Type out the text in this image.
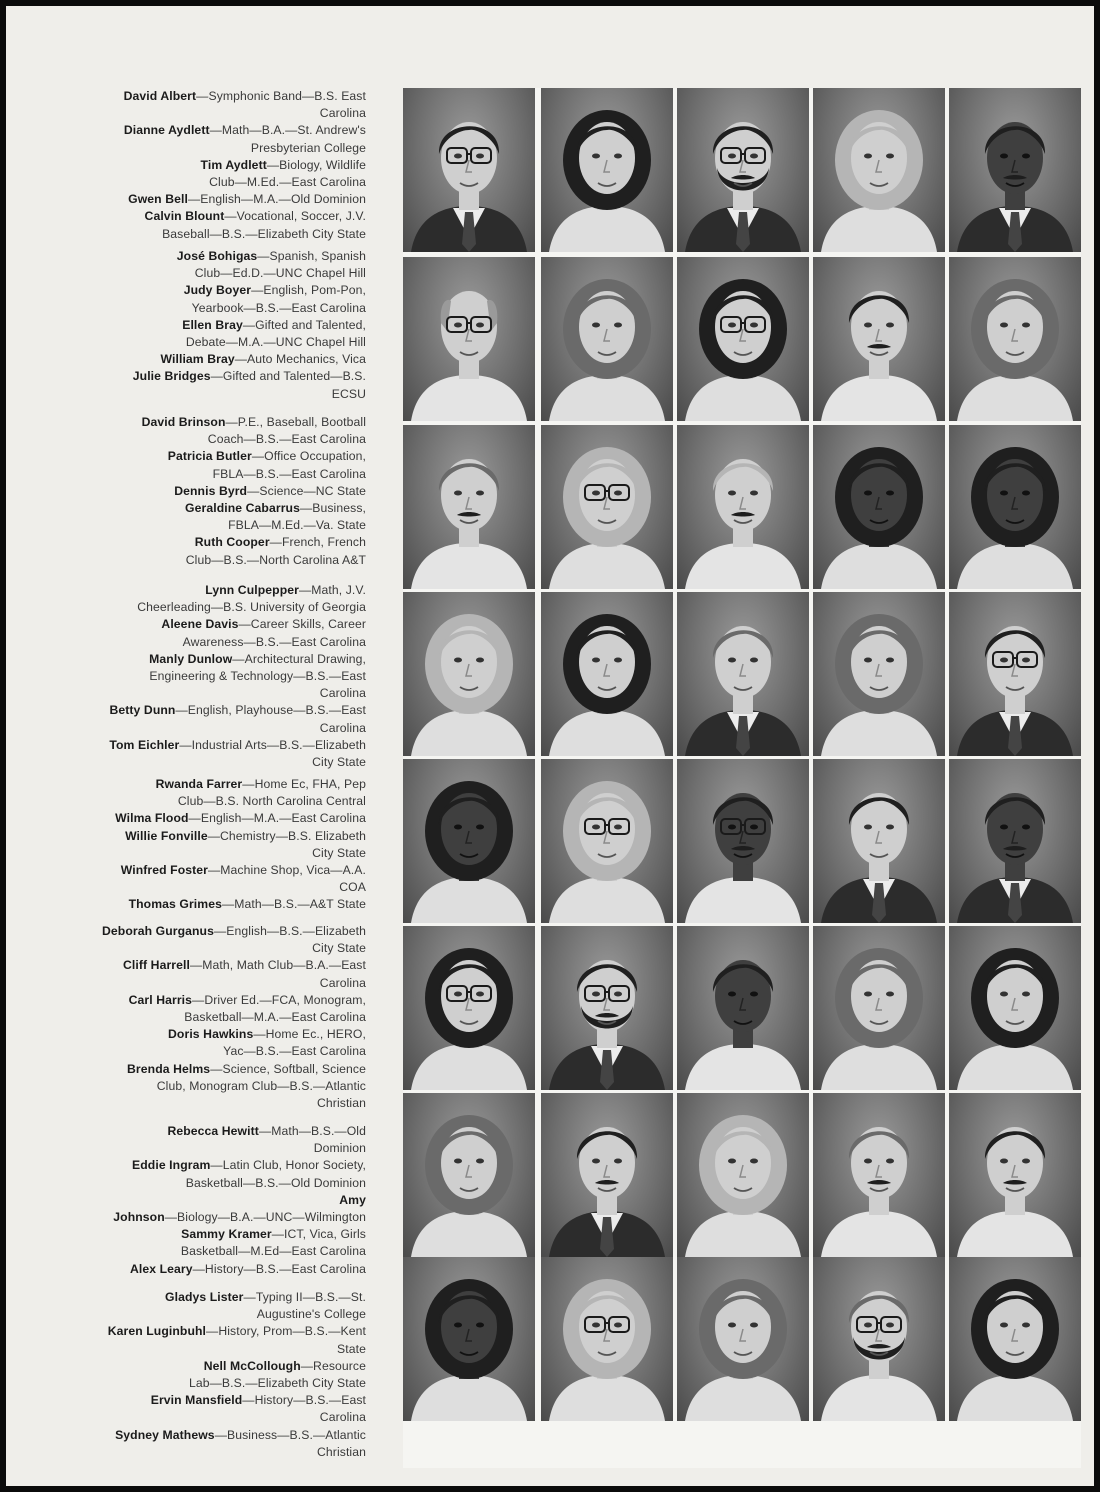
David Albert—Symphonic Band—B.S. East
Carolina
Dianne Aydlett—Math—B.A.—St. Andrew's
Presbyterian College
Tim Aydlett—Biology, Wildlife
Club—M.Ed.—East Carolina
Gwen Bell—English—M.A.—Old Dominion
Calvin Blount—Vocational, Soccer, J.V.
Baseball—B.S.—Elizabeth City State
José Bohigas—Spanish, Spanish
Club—Ed.D.—UNC Chapel Hill
Judy Boyer—English, Pom-Pon,
Yearbook—B.S.—East Carolina
Ellen Bray—Gifted and Talented,
Debate—M.A.—UNC Chapel Hill
William Bray—Auto Mechanics, Vica
Julie Bridges—Gifted and Talented—B.S.
ECSU
David Brinson—P.E., Baseball, Bootball
Coach—B.S.—East Carolina
Patricia Butler—Office Occupation,
FBLA—B.S.—East Carolina
Dennis Byrd—Science—NC State
Geraldine Cabarrus—Business,
FBLA—M.Ed.—Va. State
Ruth Cooper—French, French
Club—B.S.—North Carolina A&T
Lynn Culpepper—Math, J.V.
Cheerleading—B.S. University of Georgia
Aleene Davis—Career Skills, Career
Awareness—B.S.—East Carolina
Manly Dunlow—Architectural Drawing,
Engineering & Technology—B.S.—East
Carolina
Betty Dunn—English, Playhouse—B.S.—East
Carolina
Tom Eichler—Industrial Arts—B.S.—Elizabeth
City State
Rwanda Farrer—Home Ec, FHA, Pep
Club—B.S. North Carolina Central
Wilma Flood—English—M.A.—East Carolina
Willie Fonville—Chemistry—B.S. Elizabeth
City State
Winfred Foster—Machine Shop, Vica—A.A.
COA
Thomas Grimes—Math—B.S.—A&T State
Deborah Gurganus—English—B.S.—Elizabeth
City State
Cliff Harrell—Math, Math Club—B.A.—East
Carolina
Carl Harris—Driver Ed.—FCA, Monogram,
Basketball—M.A.—East Carolina
Doris Hawkins—Home Ec., HERO,
Yac—B.S.—East Carolina
Brenda Helms—Science, Softball, Science
Club, Monogram Club—B.S.—Atlantic
Christian
Rebecca Hewitt—Math—B.S.—Old
Dominion
Eddie Ingram—Latin Club, Honor Society,
Basketball—B.S.—Old Dominion
Amy
Johnson—Biology—B.A.—UNC—Wilmington
Sammy Kramer—ICT, Vica, Girls
Basketball—M.Ed—East Carolina
Alex Leary—History—B.S.—East Carolina
Gladys Lister—Typing II—B.S.—St.
Augustine's College
Karen Luginbuhl—History, Prom—B.S.—Kent
State
Nell McCollough—Resource
Lab—B.S.—Elizabeth City State
Ervin Mansfield—History—B.S.—East
Carolina
Sydney Mathews—Business—B.S.—Atlantic
Christian
